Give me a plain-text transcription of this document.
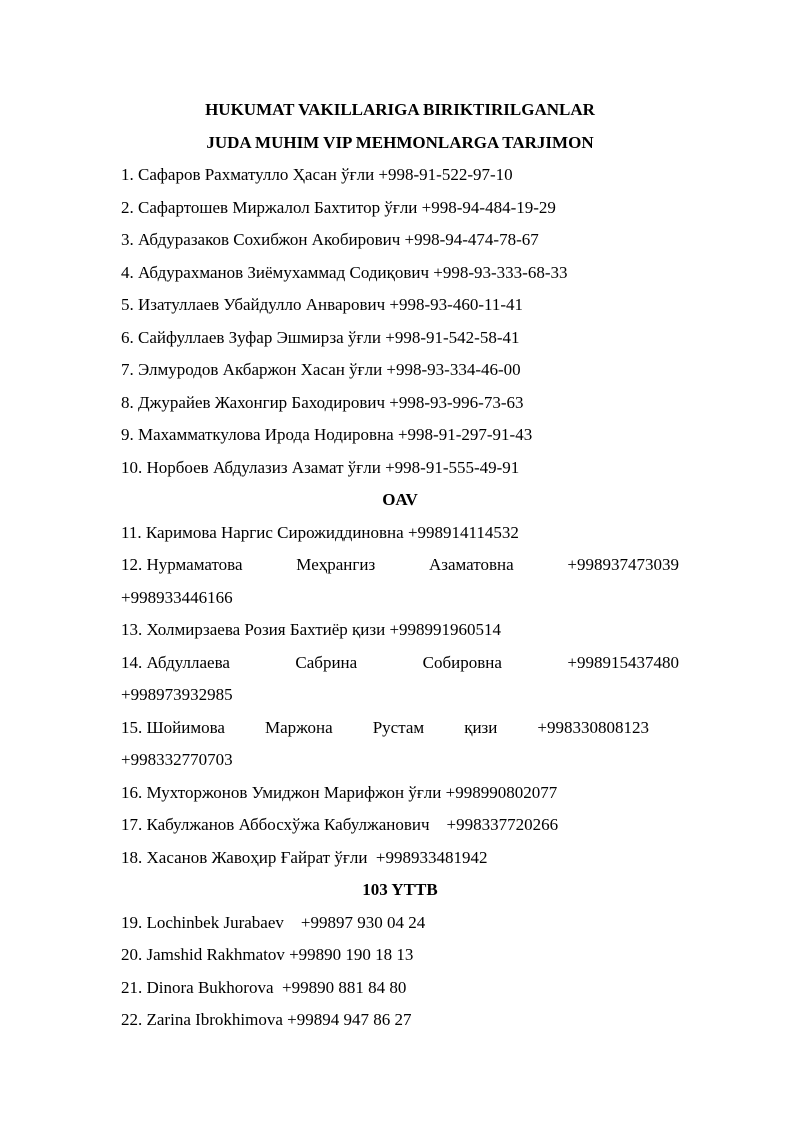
HUKUMAT VAKILLARIGA BIRIKTIRILGANLAR
JUDA MUHIM VIP MEHMONLARGA TARJIMON
1. Сафаров Рахматулло Ҳасан ўғли +998-91-522-97-10
2. Сафартошев Миржалол Бахтитор ўғли +998-94-484-19-29
3. Абдуразаков Сохибжон Акобирович +998-94-474-78-67
4. Абдурахманов Зиёмухаммад Содиқович +998-93-333-68-33
5. Изатуллаев Убайдулло Анварович +998-93-460-11-41
6. Сайфуллаев Зуфар Эшмирза ўғли +998-91-542-58-41
7. Элмуродов Акбаржон Хасан ўғли +998-93-334-46-00
8. Джурайев Жахонгир Баходирович +998-93-996-73-63
9. Махамматкулова Ирода Нодировна +998-91-297-91-43
10. Норбоев Абдулазиз Азамат ўғли +998-91-555-49-91
OAV
11. Каримова Наргис Сирожиддиновна +998914114532
12. Нурмаматова	Меҳрангиз	Азаматовна	+998937473039
+998933446166
13. Холмирзаева Розия Бахтиёр қизи +998991960514
14. Абдуллаева	Сабрина	Собировна	+998915437480
+998973932985
15. Шойимова Маржона Рустам қизи +998330808123
+998332770703
16. Мухторжонов Умиджон Марифжон ўғли +998990802077
17. Кабулжанов Аббосхўжа Кабулжанович    +998337720266
18. Хасанов Жавоҳир Ғайрат ўғли  +998933481942
103 YTTB
19. Lochinbek Jurabaev    +99897 930 04 24
20. Jamshid Rakhmatov +99890 190 18 13
21. Dinora Bukhorova  +99890 881 84 80
22. Zarina Ibrokhimova +99894 947 86 27
